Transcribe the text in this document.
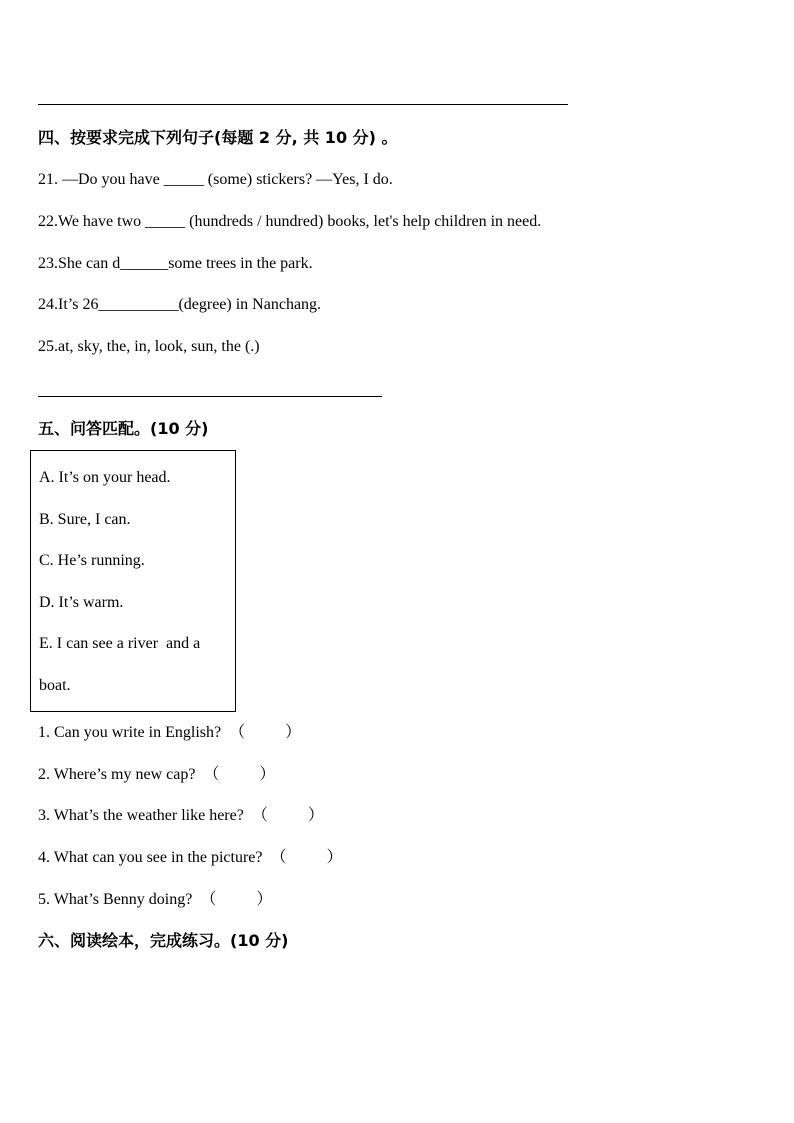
四、按要求完成下列句子(每题 2 分, 共 10 分) 。
21. —Do you have _____ (some) stickers? —Yes, I do.
22.We have two _____ (hundreds / hundred) books, let's help children in need.
23.She can d______some trees in the park.
24.It’s 26__________(degree) in Nanchang.
25.at, sky, the, in, look, sun, the (.)
五、问答匹配。(10 分)
A. It’s on your head.
B. Sure, I can.
C. He’s running.
D. It’s warm.
E. I can see a river  and a
boat.
1. Can you write in English?  （          ）
2. Where’s my new cap?  （          ）
3. What’s the weather like here?  （          ）
4. What can you see in the picture?  （          ）
5. What’s Benny doing?  （          ）
六、阅读绘本，完成练习。(10 分)
